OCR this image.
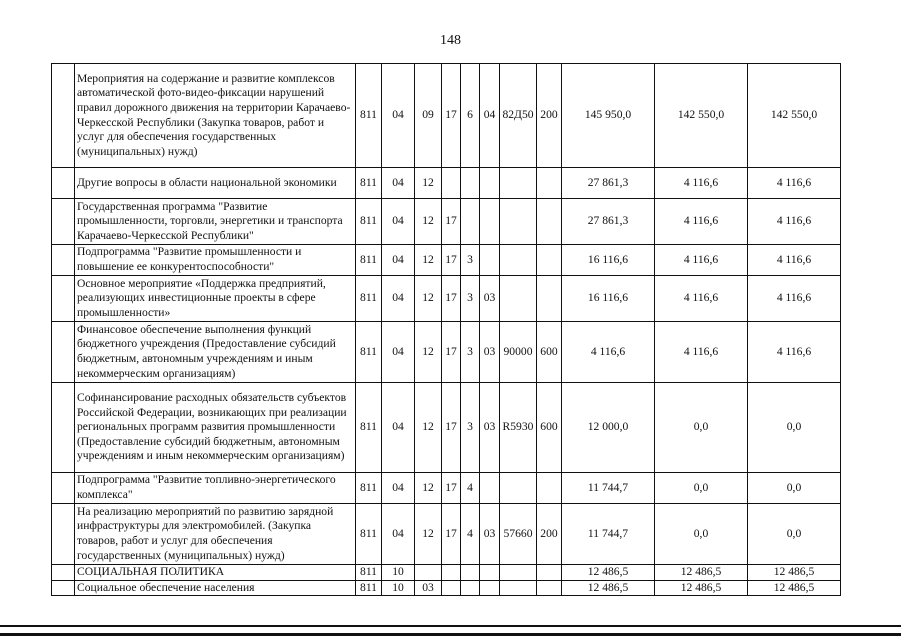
148
	Мероприятия на содержание и развитие комплексов автоматической фото-видео-фиксации нарушений правил дорожного движения на территории Карачаево-Черкесской Республики (Закупка товаров, работ и услуг для обеспечения государственных (муниципальных) нужд)	811	04	09	17	6	04	82Д50	200	145 950,0	142 550,0	142 550,0
	Другие вопросы в области национальной экономики	811	04	12						27 861,3	4 116,6	4 116,6
	Государственная программа "Развитие промышленности, торговли, энергетики и транспорта Карачаево-Черкесской Республики"	811	04	12	17					27 861,3	4 116,6	4 116,6
	Подпрограмма "Развитие промышленности и повышение ее конкурентоспособности"	811	04	12	17	3				16 116,6	4 116,6	4 116,6
	Основное мероприятие «Поддержка предприятий, реализующих инвестиционные проекты в сфере промышленности»	811	04	12	17	3	03			16 116,6	4 116,6	4 116,6
	Финансовое обеспечение выполнения функций бюджетного учреждения (Предоставление субсидий бюджетным, автономным учреждениям и иным некоммерческим организациям)	811	04	12	17	3	03	90000	600	4 116,6	4 116,6	4 116,6
	Софинансирование расходных обязательств субъектов Российской Федерации, возникающих при реализации региональных программ развития промышленности (Предоставление субсидий бюджетным, автономным учреждениям и иным некоммерческим организациям)	811	04	12	17	3	03	R5930	600	12 000,0	0,0	0,0
	Подпрограмма "Развитие топливно-энергетического комплекса"	811	04	12	17	4				11 744,7	0,0	0,0
	На реализацию мероприятий по развитию зарядной инфраструктуры для электромобилей. (Закупка товаров, работ и услуг для обеспечения государственных (муниципальных) нужд)	811	04	12	17	4	03	57660	200	11 744,7	0,0	0,0
	СОЦИАЛЬНАЯ ПОЛИТИКА	811	10							12 486,5	12 486,5	12 486,5
	Социальное обеспечение населения	811	10	03						12 486,5	12 486,5	12 486,5
